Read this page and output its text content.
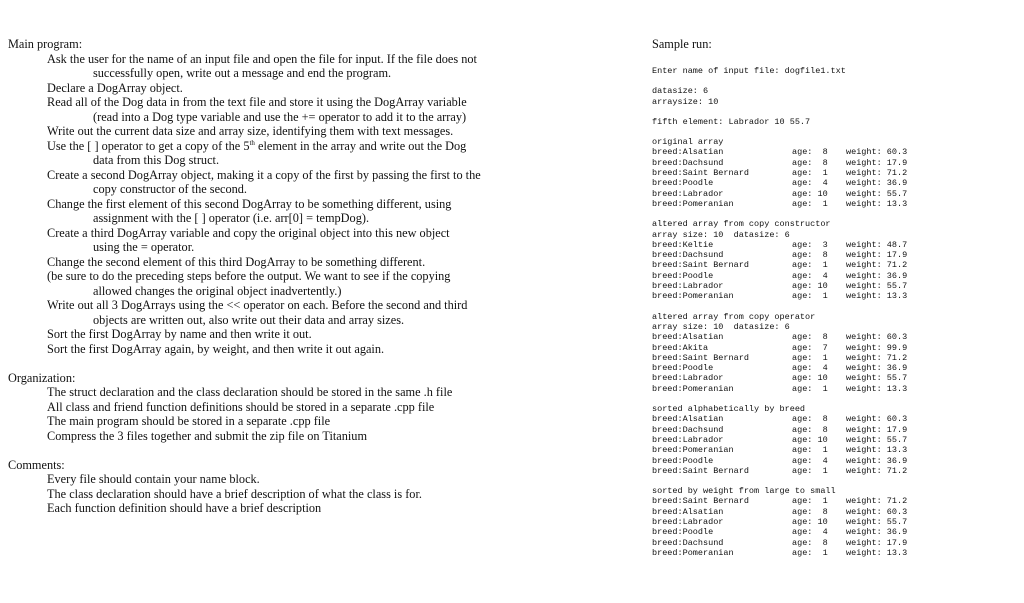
Main program:

Ask the user for the name of an input file and open the file for input. If the file does not
successfully open, write out a message and end the program.

Declare a DogArray object.

Read all of the Dog data in from the text file and store it using the DogArray variable
(read into a Dog type variable and use the += operator to add it to the array)

Write out the current data size and array size, identifying them with text messages.

Use the [ ] operator to get a copy of the 5th element in the array and write out the Dog
data from this Dog struct.

Create a second DogArray object, making it a copy of the first by passing the first to the
copy constructor of the second.

Change the first element of this second DogArray to be something different, using
assignment with the [ ] operator (i.e. arr[0] = tempDog).

Create a third DogArray variable and copy the original object into this new object
using the = operator.

Change the second element of this third DogArray to be something different.

(be sure to do the preceding steps before the output. We want to see if the copying
allowed changes the original object inadvertently.)

Write out all 3 DogArrays using the << operator on each. Before the second and third
objects are written out, also write out their data and array sizes.

Sort the first DogArray by name and then write it out.

Sort the first DogArray again, by weight, and then write it out again.

Organization:

The struct declaration and the class declaration should be stored in the same .h file

All class and friend function definitions should be stored in a separate .cpp file

The main program should be stored in a separate .cpp file

Compress the 3 files together and submit the zip file on Titanium

Comments:

Every file should contain your name block.

The class declaration should have a brief description of what the class is for.

Each function definition should have a brief description

Sample run:

Enter name of input file: dogfile1.txt

datasize: 6

arraysize: 10

fifth element: Labrador 10 55.7

original array

breed:Alsatian	age:  8	weight: 60.3
breed:Dachsund	age:  8	weight: 17.9
breed:Saint Bernard	age:  1	weight: 71.2
breed:Poodle	age:  4	weight: 36.9
breed:Labrador	age: 10	weight: 55.7
breed:Pomeranian	age:  1	weight: 13.3

altered array from copy constructor

array size: 10  datasize: 6

breed:Keltie	age:  3	weight: 48.7
breed:Dachsund	age:  8	weight: 17.9
breed:Saint Bernard	age:  1	weight: 71.2
breed:Poodle	age:  4	weight: 36.9
breed:Labrador	age: 10	weight: 55.7
breed:Pomeranian	age:  1	weight: 13.3

altered array from copy operator

array size: 10  datasize: 6

breed:Alsatian	age:  8	weight: 60.3
breed:Akita	age:  7	weight: 99.9
breed:Saint Bernard	age:  1	weight: 71.2
breed:Poodle	age:  4	weight: 36.9
breed:Labrador	age: 10	weight: 55.7
breed:Pomeranian	age:  1	weight: 13.3

sorted alphabetically by breed

breed:Alsatian	age:  8	weight: 60.3
breed:Dachsund	age:  8	weight: 17.9
breed:Labrador	age: 10	weight: 55.7
breed:Pomeranian	age:  1	weight: 13.3
breed:Poodle	age:  4	weight: 36.9
breed:Saint Bernard	age:  1	weight: 71.2

sorted by weight from large to small

breed:Saint Bernard	age:  1	weight: 71.2
breed:Alsatian	age:  8	weight: 60.3
breed:Labrador	age: 10	weight: 55.7
breed:Poodle	age:  4	weight: 36.9
breed:Dachsund	age:  8	weight: 17.9
breed:Pomeranian	age:  1	weight: 13.3
